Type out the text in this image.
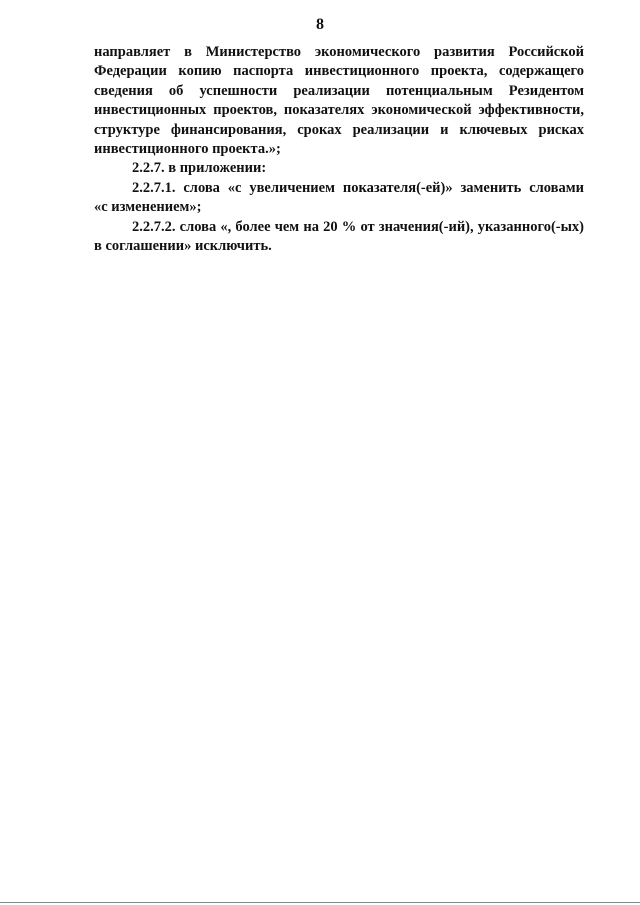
8
направляет в Министерство экономического развития Российской
Федерации копию паспорта инвестиционного проекта, содержащего
сведения об успешности реализации потенциальным Резидентом
инвестиционных проектов, показателях экономической эффективности,
структуре финансирования, сроках реализации и ключевых рисках
инвестиционного проекта.»;
2.2.7. в приложении:
2.2.7.1. слова «с увеличением показателя(-ей)» заменить словами
«с изменением»;
2.2.7.2. слова «, более чем на 20 % от значения(-ий), указанного(-ых)
в соглашении» исключить.
